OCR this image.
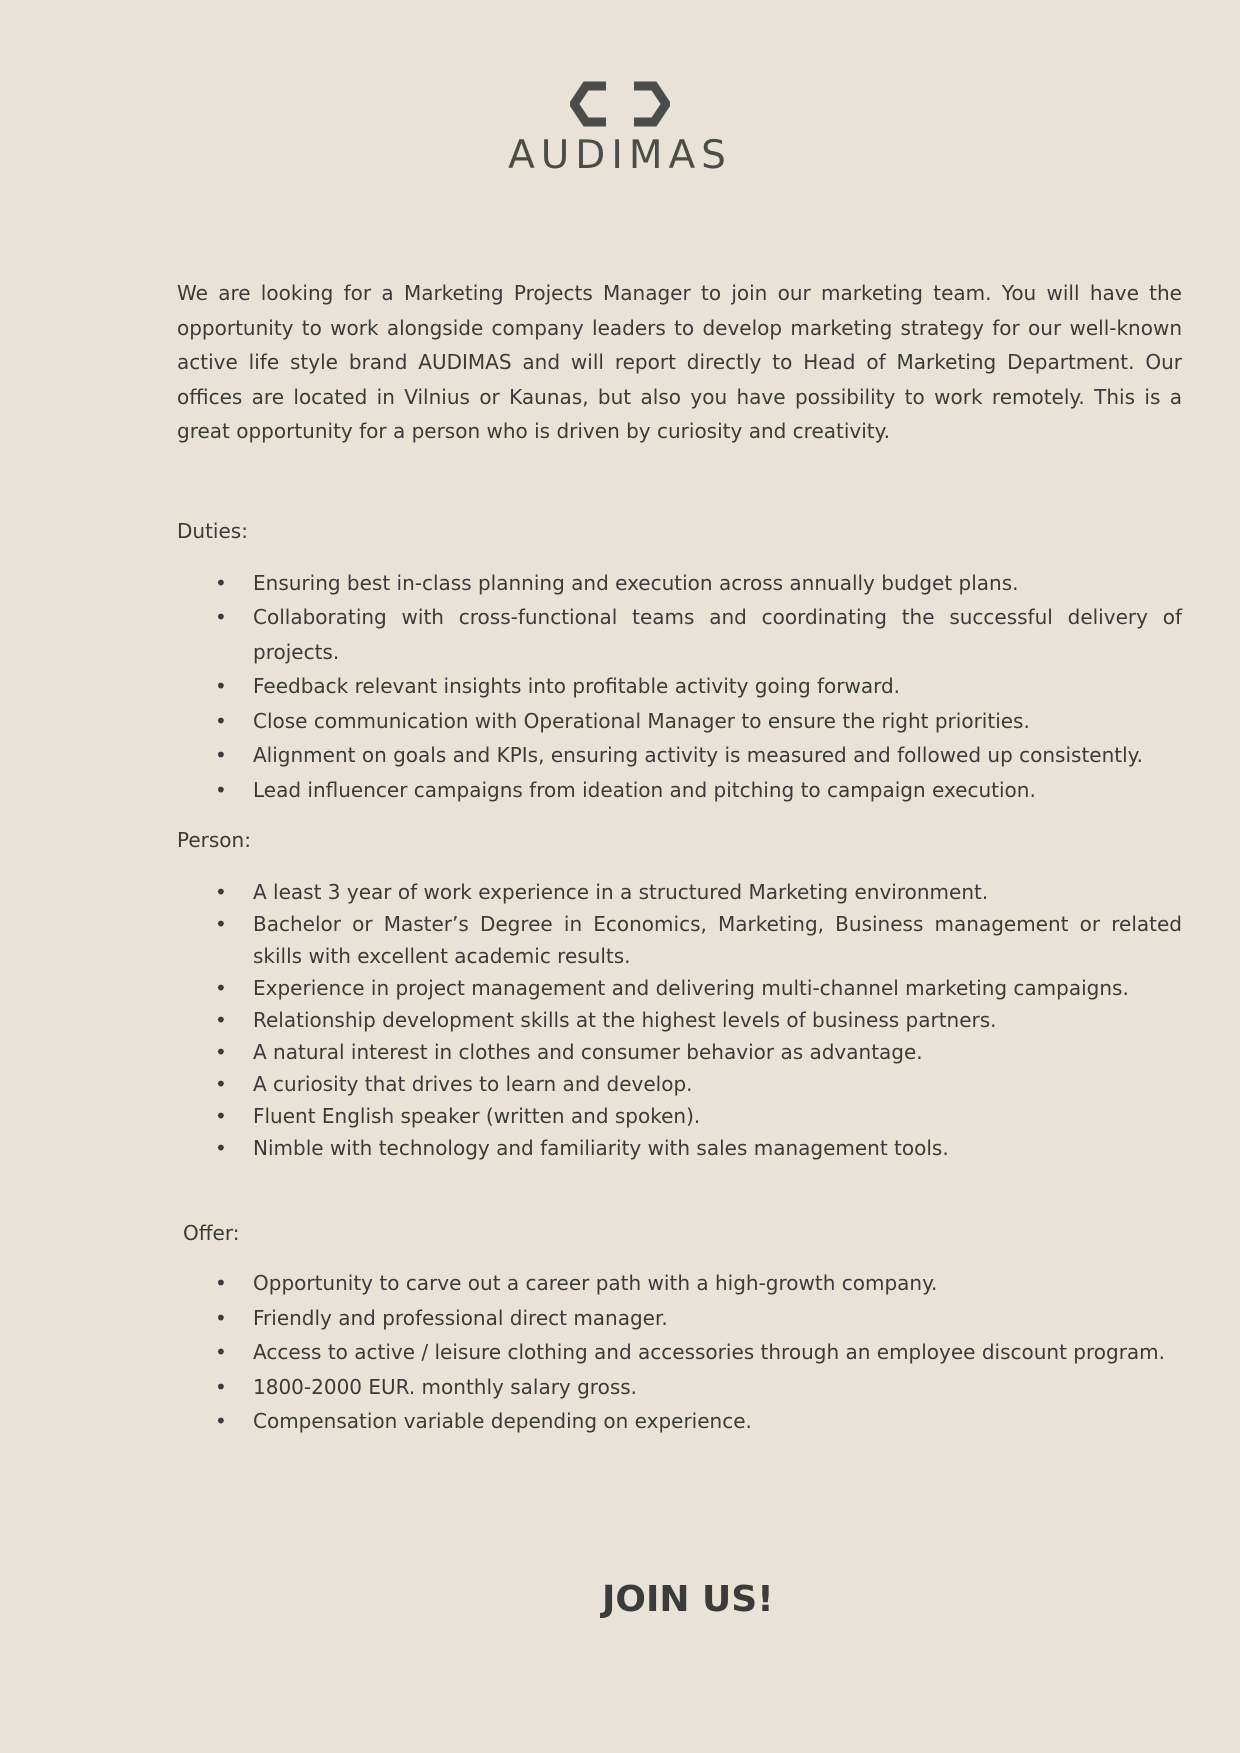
AUDIMAS

We are looking for a Marketing Projects Manager to join our marketing team. You will have the opportunity to work alongside company leaders to develop marketing strategy for our well-known active life style brand AUDIMAS and will report directly to Head of Marketing Department. Our offices are located in Vilnius or Kaunas, but also you have possibility to work remotely. This is a great opportunity for a person who is driven by curiosity and creativity.

Duties:

• Ensuring best in-class planning and execution across annually budget plans.
• Collaborating with cross-functional teams and coordinating the successful delivery of projects.
• Feedback relevant insights into profitable activity going forward.
• Close communication with Operational Manager to ensure the right priorities.
• Alignment on goals and KPIs, ensuring activity is measured and followed up consistently.
• Lead influencer campaigns from ideation and pitching to campaign execution.

Person:

• A least 3 year of work experience in a structured Marketing environment.
• Bachelor or Master’s Degree in Economics, Marketing, Business management or related skills with excellent academic results.
• Experience in project management and delivering multi-channel marketing campaigns.
• Relationship development skills at the highest levels of business partners.
• A natural interest in clothes and consumer behavior as advantage.
• A curiosity that drives to learn and develop.
• Fluent English speaker (written and spoken).
• Nimble with technology and familiarity with sales management tools.

Offer:

• Opportunity to carve out a career path with a high-growth company.
• Friendly and professional direct manager.
• Access to active / leisure clothing and accessories through an employee discount program.
• 1800-2000 EUR. monthly salary gross.
• Compensation variable depending on experience.
JOIN US!
